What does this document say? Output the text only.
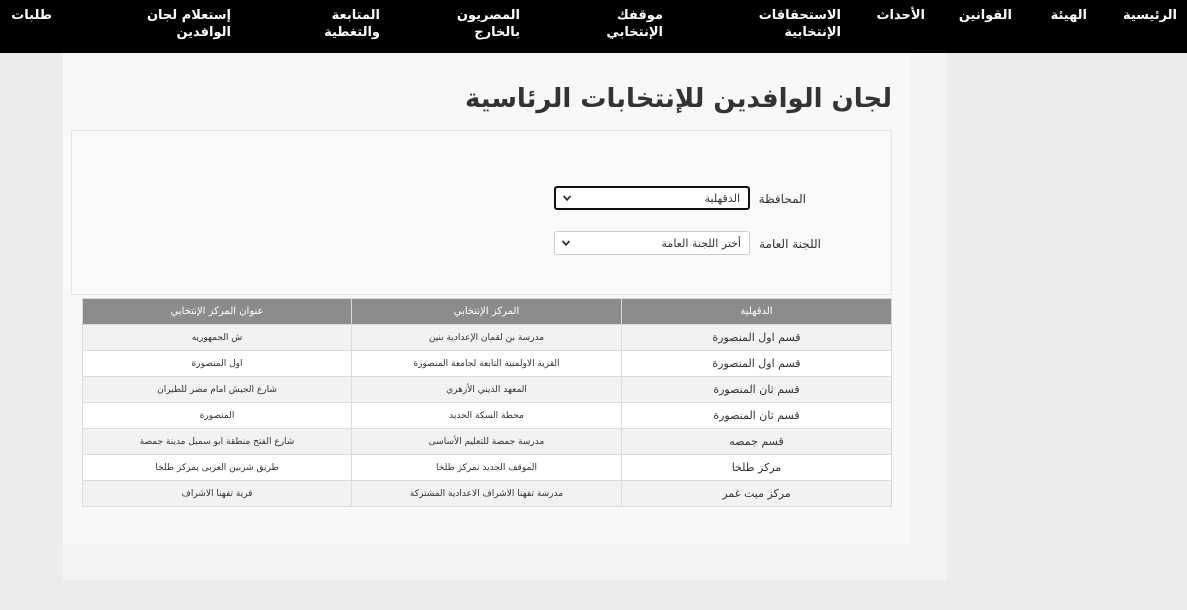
الرئيسية
الهيئة
القوانين
الأحداث
الاستحقاقات
الإنتخابية
موقفك
الإنتخابي
المصريون
بالخارج
المتابعة
والتغطية
إستعلام لجان
الوافدين
طلبات
لجان الوافدين للإنتخابات الرئاسية
المحافظة
الدقهلية
اللجنة العامة
أختر اللجنة العامة
الدقهلية	المركز الإنتخابي	عنوان المركز الإنتخابي
قسم اول المنصورة	مدرسة بن لقمان الإعدادية بنين	ش الجمهوريه
قسم اول المنصورة	القرية الاولمبية التابعة لجامعة المنصورة	اول المنصورة
قسم ثان المنصورة	المعهد الديني الأزهري	شارع الجيش امام مصر للطيران
قسم ثان المنصورة	محطة السكة الحديد	المنصورة
قسم جمصه	مدرسة جمصة للتعليم الأساسى	شارع الفتح منطقة ابو سمبل مدينة جمصة
مركز طلخا	الموقف الجديد بمركز طلخا	طريق شربين العربى بمركز طلخا
مركز ميت غمر	مدرسة تفهنا الاشراف الاعدادية المشتركة	قرية تفهنا الاشراف
